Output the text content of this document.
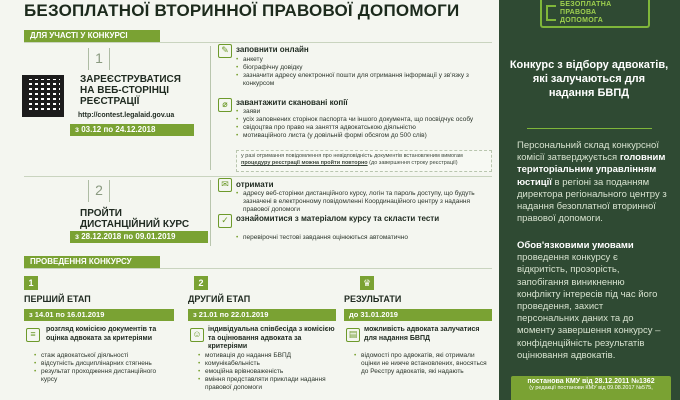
БЕЗОПЛАТНОЇ ВТОРИННОЇ ПРАВОВОЇ ДОПОМОГИ	БЕЗОПЛАТНА
ПРАВОВА
ДОПОМОГА
Конкурс з відбору адвокатів, які залучаються для надання БВПД
Персональний склад конкурсної комісії затверджується головним територіальним управлінням юстиції в регіоні за поданням директора регіонального центру з надання безоплатної вторинної правової допомоги.
Обов'язковими умовами проведення конкурсу є відкритість, прозорість, запобігання виникненню конфлікту інтересів під час його проведення, захист персональних даних та до моменту завершення конкурсу – конфіденційність результатів оцінювання адвокатів.
постанова КМУ від 28.12.2011 №1362
(у редакції постанови КМУ від 09.08.2017 №575,
ДЛЯ УЧАСТІ У КОНКУРСІ
1
ЗАРЕЄСТРУВАТИСЯ НА ВЕБ-СТОРІНЦІ РЕЄСТРАЦІЇ
http://contest.legalaid.gov.ua
з 03.12 по 24.12.2018
✎ заповнити онлайн
• анкету
• біографічну довідку
• зазначити адресу електронної пошти для отримання інформації у зв'язку з конкурсом
⌀	завантажити скановані копії
• заяви
• усіх заповнених сторінок паспорта чи іншого документа, що посвідчує особу
• свідоцтва про право на заняття адвокатською діяльністю
• мотиваційного листа (у довільній формі обсягом до 500 слів)
у разі отримання повідомлення про невідповідність документів встановленим вимогам процедуру реєстрації можна пройти повторно (до завершення строку реєстрації)
2
ПРОЙТИ ДИСТАНЦІЙНИЙ КУРС
з 28.12.2018 по 09.01.2019
✉ отримати
• адресу веб-сторінки дистанційного курсу, логін та пароль доступу, що будуть зазначені в електронному повідомленні Координаційного центру з надання правової допомоги
✓ ознайомитися з матеріалом курсу та скласти тести
• перевірочні тестові завдання оцінюються автоматично
ПРОВЕДЕННЯ КОНКУРСУ
1
ПЕРШИЙ ЕТАП
з 14.01 по 16.01.2019
≡	розгляд комісією документів та оцінка адвоката за критеріями
• стаж адвокатської діяльності
• відсутність дисциплінарних стягнень
• результат проходження дистанційного курсу
2
ДРУГИЙ ЕТАП
з 21.01 по 22.01.2019
☺ індивідуальна співбесіда з комісією та оцінювання адвоката за критеріями
• мотивація до надання БВПД
• комунікабельність
• емоційна врівноваженість
• вміння представляти приклади надання правової допомоги
♛
РЕЗУЛЬТАТИ
до 31.01.2019
▤ можливість адвоката залучатися для надання БВПД
• відомості про адвокатів, які отримали оцінки не нижче встановлених, вносяться до Реєстру адвокатів, які надають
